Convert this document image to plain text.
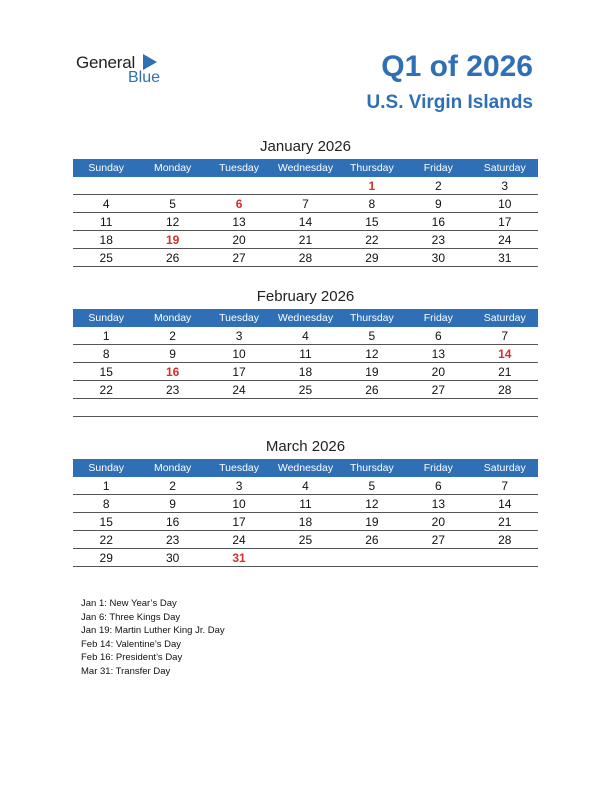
General
Blue	Q1 of 2026
U.S. Virgin Islands
January 2026
Sunday	Monday	Tuesday	Wednesday	Thursday	Friday	Saturday
				1	2	3
4	5	6	7	8	9	10
11	12	13	14	15	16	17
18	19	20	21	22	23	24
25	26	27	28	29	30	31
February 2026
Sunday	Monday	Tuesday	Wednesday	Thursday	Friday	Saturday
1	2	3	4	5	6	7
8	9	10	11	12	13	14
15	16	17	18	19	20	21
22	23	24	25	26	27	28

March 2026
Sunday	Monday	Tuesday	Wednesday	Thursday	Friday	Saturday
1	2	3	4	5	6	7
8	9	10	11	12	13	14
15	16	17	18	19	20	21
22	23	24	25	26	27	28
29	30	31				
Jan 1: New Year’s Day
Jan 6: Three Kings Day
Jan 19: Martin Luther King Jr. Day
Feb 14: Valentine’s Day
Feb 16: President’s Day
Mar 31: Transfer Day
